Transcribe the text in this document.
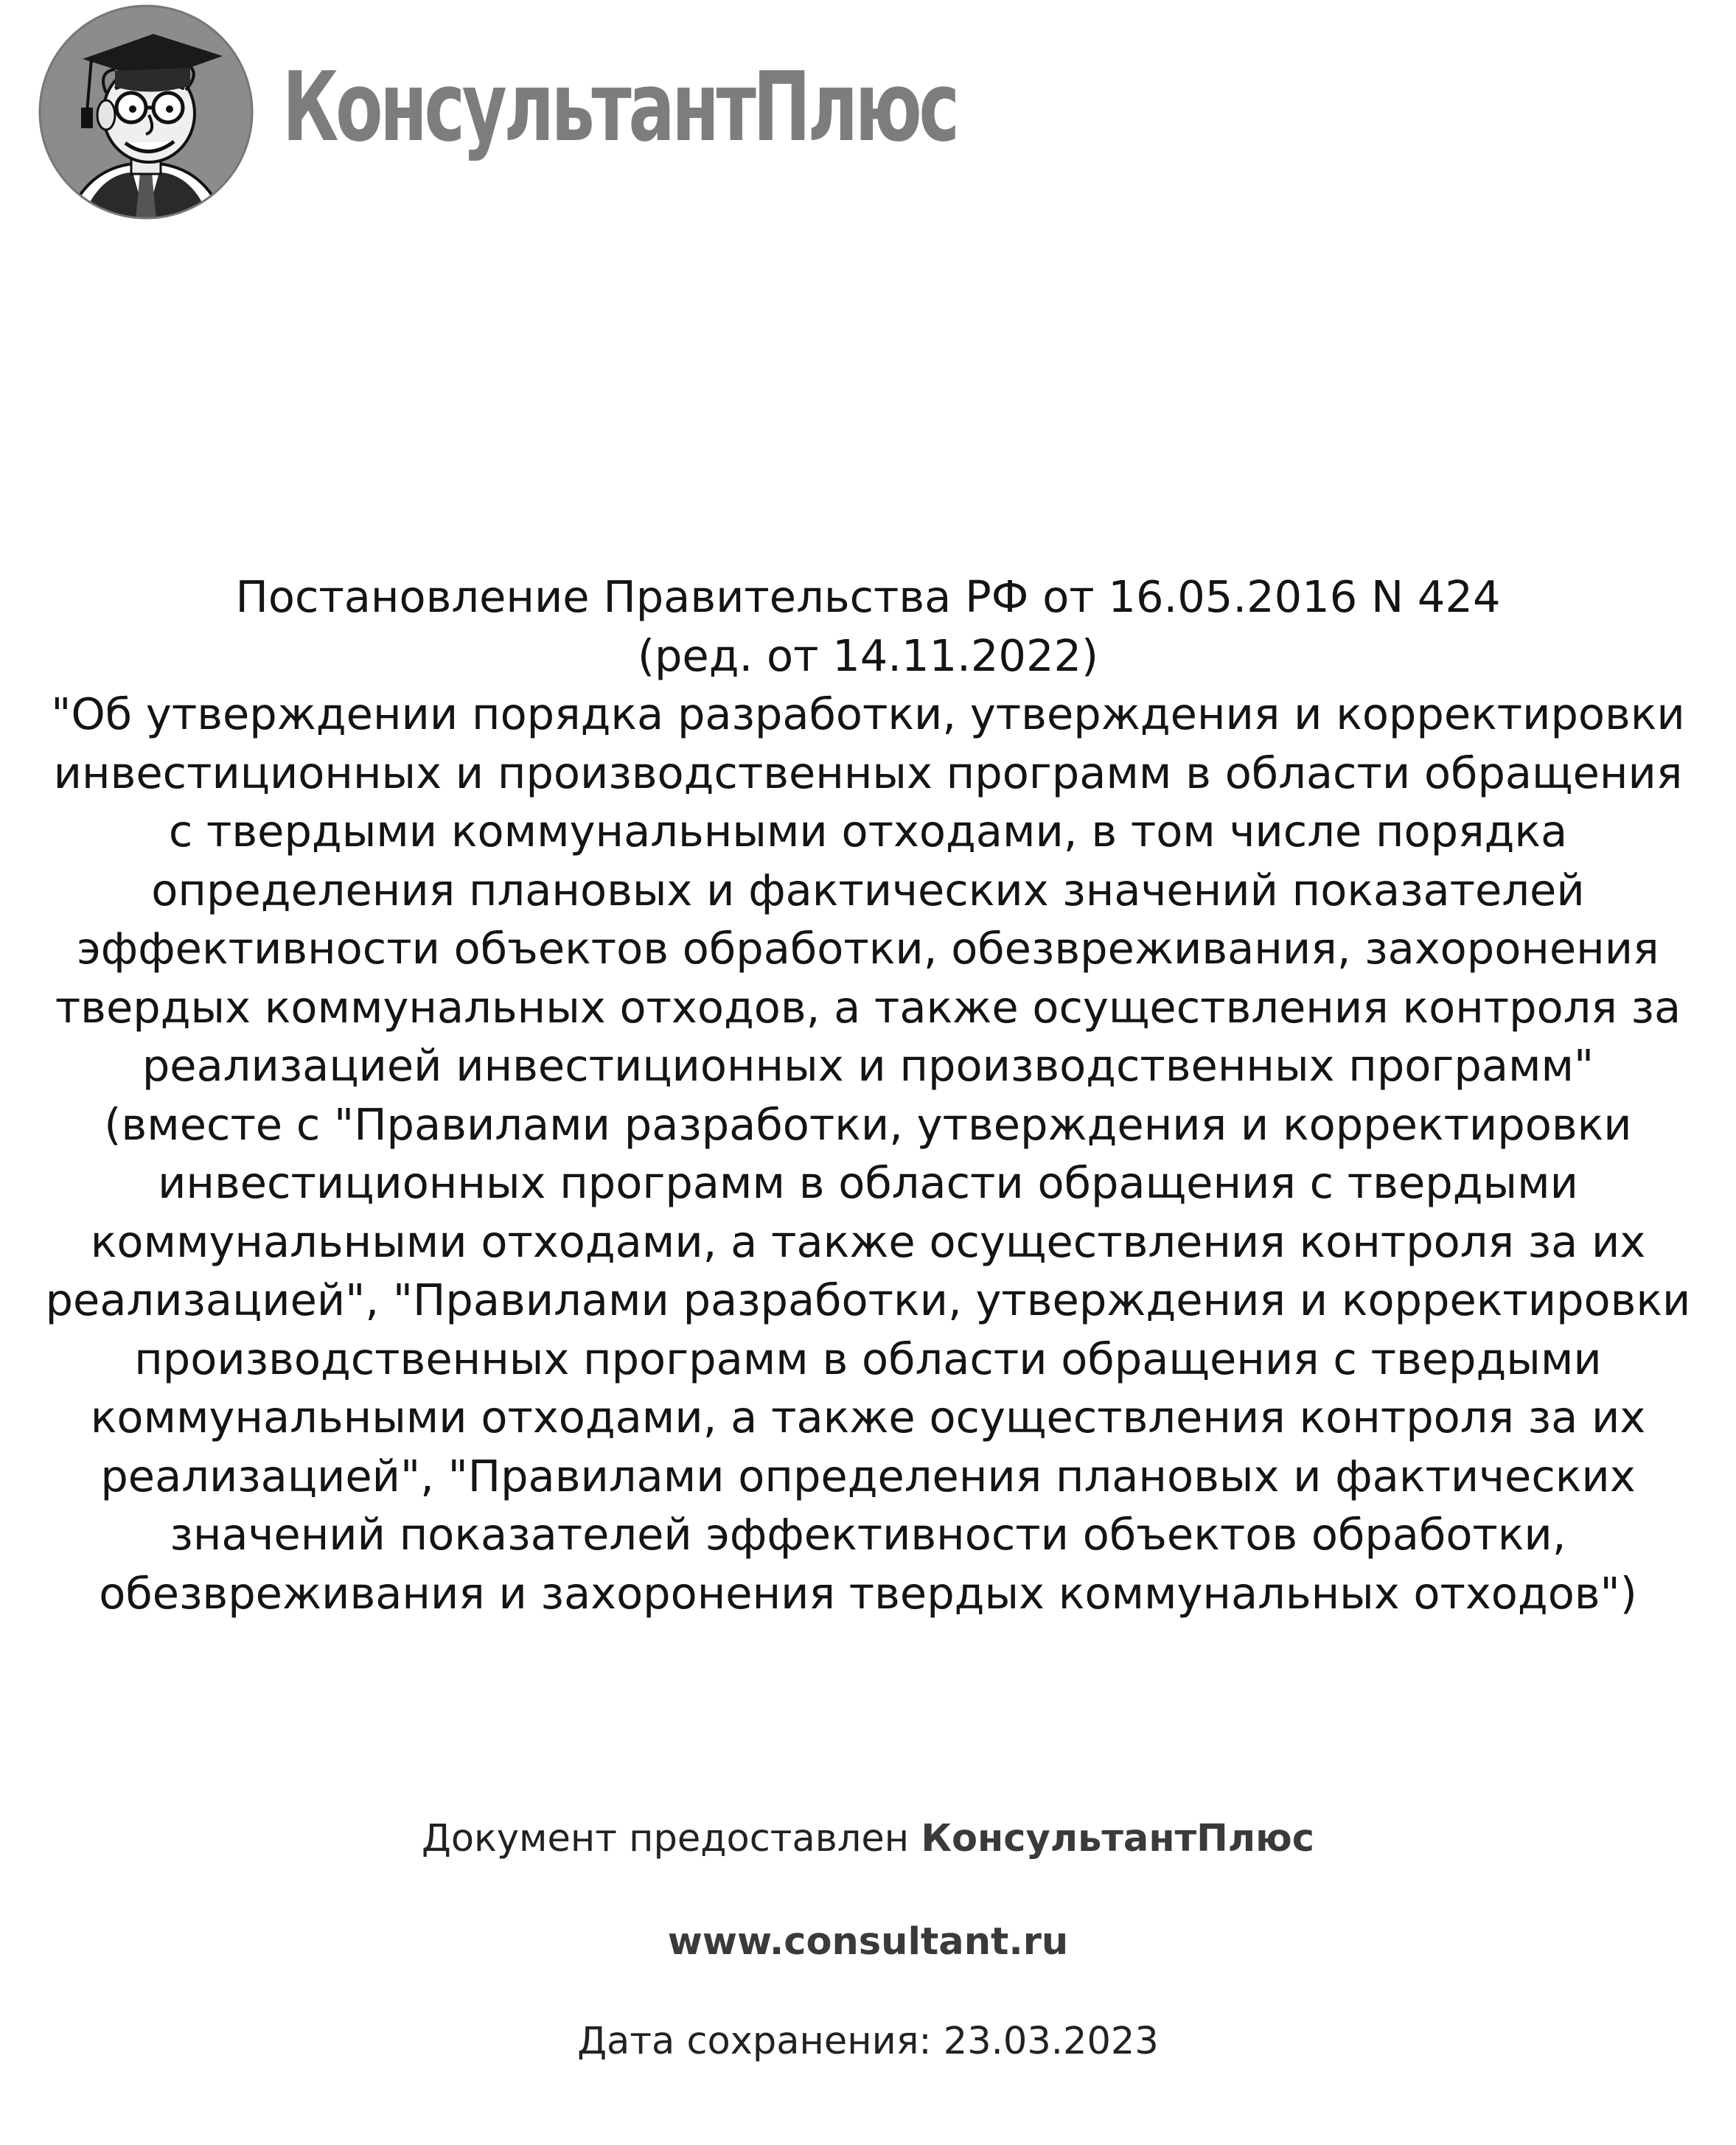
КонсультантПлюс
Постановление Правительства РФ от 16.05.2016 N 424
(ред. от 14.11.2022)
"Об утверждении порядка разработки, утверждения и корректировки
инвестиционных и производственных программ в области обращения
с твердыми коммунальными отходами, в том числе порядка
определения плановых и фактических значений показателей
эффективности объектов обработки, обезвреживания, захоронения
твердых коммунальных отходов, а также осуществления контроля за
реализацией инвестиционных и производственных программ"
(вместе с "Правилами разработки, утверждения и корректировки
инвестиционных программ в области обращения с твердыми
коммунальными отходами, а также осуществления контроля за их
реализацией", "Правилами разработки, утверждения и корректировки
производственных программ в области обращения с твердыми
коммунальными отходами, а также осуществления контроля за их
реализацией", "Правилами определения плановых и фактических
значений показателей эффективности объектов обработки,
обезвреживания и захоронения твердых коммунальных отходов")
Документ предоставлен КонсультантПлюс
www.consultant.ru
Дата сохранения: 23.03.2023
